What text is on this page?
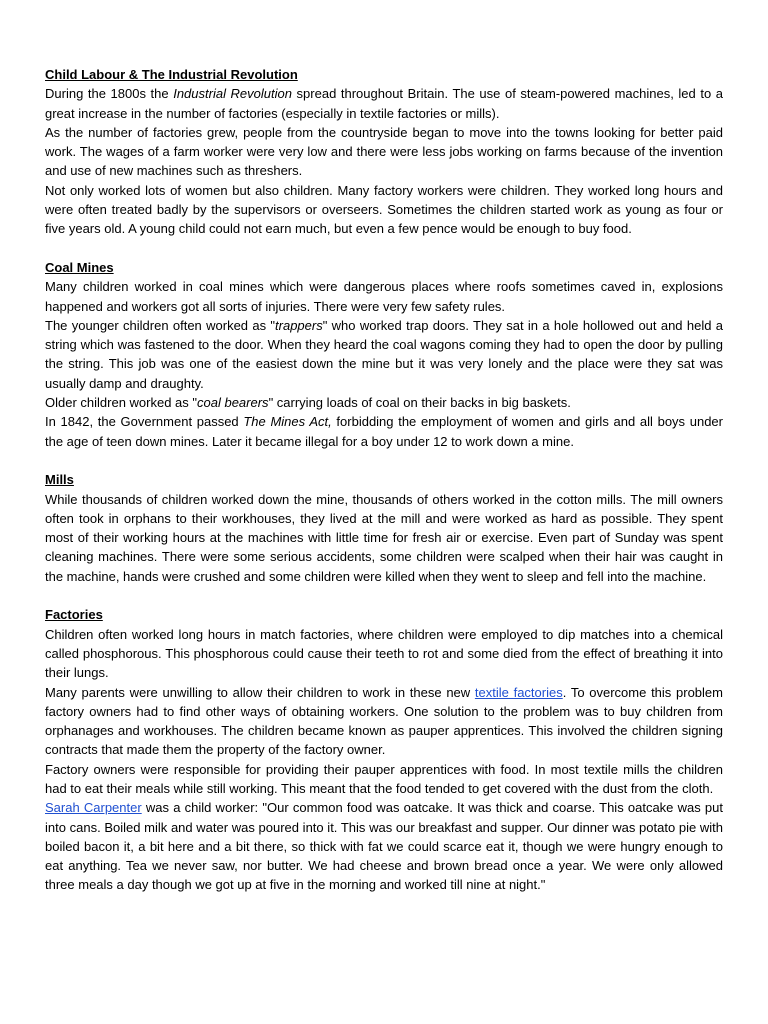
Child Labour & The Industrial Revolution

During the 1800s the Industrial Revolution spread throughout Britain. The use of steam-powered machines, led to a great increase in the number of factories (especially in textile factories or mills).

As the number of factories grew, people from the countryside began to move into the towns looking for better paid work. The wages of a farm worker were very low and there were less jobs working on farms because of the invention and use of new machines such as threshers.

Not only worked lots of women but also children. Many factory workers were children. They worked long hours and were often treated badly by the supervisors or overseers. Sometimes the children started work as young as four or five years old. A young child could not earn much, but even a few pence would be enough to buy food.

Coal Mines

Many children worked in coal mines which were dangerous places where roofs sometimes caved in, explosions happened and workers got all sorts of injuries. There were very few safety rules.

The younger children often worked as "trappers" who worked trap doors. They sat in a hole hollowed out and held a string which was fastened to the door. When they heard the coal wagons coming they had to open the door by pulling the string. This job was one of the easiest down the mine but it was very lonely and the place were they sat was usually damp and draughty.

Older children worked as "coal bearers" carrying loads of coal on their backs in big baskets.

In 1842, the Government passed The Mines Act, forbidding the employment of women and girls and all boys under the age of teen down mines. Later it became illegal for a boy under 12 to work down a mine.

Mills

While thousands of children worked down the mine, thousands of others worked in the cotton mills. The mill owners often took in orphans to their workhouses, they lived at the mill and were worked as hard as possible. They spent most of their working hours at the machines with little time for fresh air or exercise. Even part of Sunday was spent cleaning machines. There were some serious accidents, some children were scalped when their hair was caught in the machine, hands were crushed and some children were killed when they went to sleep and fell into the machine.

Factories

Children often worked long hours in match factories, where children were employed to dip matches into a chemical called phosphorous. This phosphorous could cause their teeth to rot and some died from the effect of breathing it into their lungs.

Many parents were unwilling to allow their children to work in these new textile factories. To overcome this problem factory owners had to find other ways of obtaining workers. One solution to the problem was to buy children from orphanages and workhouses. The children became known as pauper apprentices. This involved the children signing contracts that made them the property of the factory owner.

Factory owners were responsible for providing their pauper apprentices with food. In most textile mills the children had to eat their meals while still working. This meant that the food tended to get covered with the dust from the cloth.

Sarah Carpenter was a child worker: "Our common food was oatcake. It was thick and coarse. This oatcake was put into cans. Boiled milk and water was poured into it. This was our breakfast and supper. Our dinner was potato pie with boiled bacon it, a bit here and a bit there, so thick with fat we could scarce eat it, though we were hungry enough to eat anything. Tea we never saw, nor butter. We had cheese and brown bread once a year. We were only allowed three meals a day though we got up at five in the morning and worked till nine at night."
